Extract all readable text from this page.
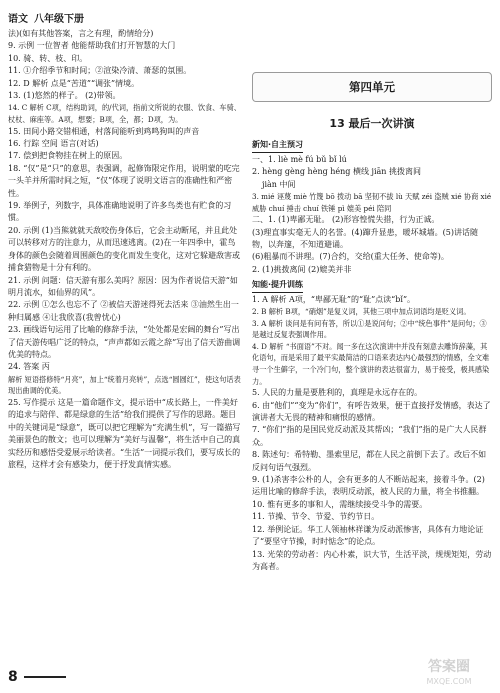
语文 八年级下册

法)(如有其他答案，言之有理，酌情给分)

9. 示例 一位智者 他能帮助我们打开智慧的大门

10. 骑、转、枝、印。

11. ①介绍季节和时间；②渲染冷清、萧瑟的氛围。

12. D 解析 点是“苦道”“调张”情境。

13. (1)悠然的样子。 (2)带领。

14. C 解析 C项，结构助词，的/代词，指前文所说的衣服、饮食、车骑、杖杖、麻座等。A项，想要；B项，全，都；D项，为。

15. 田间小路交错相通，村落间能听到鸡鸣狗叫的声音

16. 行踪 空间 语言(对话)

17. 偿到把食物挂在树上的原因。

18. “仅”是“只”的意思，表强调，起修饰限定作用，说明蒙的吃完一头羊并所需时间之短，“仅”体现了说明文语言的准确性和严密性。

19. 举例子，列数字，具体准确地说明了许多鸟类也有贮食的习惯。

20. 示例 (1)当熊就就天敌咬伤身体后，它会主动断尾，并且此处可以转移对方的注意力，从而迅速逃离。(2)在一年四季中，霍鸟身体的颜色会随着周围颜色的变化而发生变化，这对它躲避敌害或捕食猎物是十分有利的。

21. 示例 问题：信天游有那么美吗？原因：因为作者说信天游“如明月流水，如仙界的风”。

22. 示例 ①怎么也忘不了 ②被信天游迷得死去活来 ③油然生出一种归属感 ④让我欣喜(我曾忧心)

23. 画线语句运用了比喻的修辞手法，“处处都是宏阔的舞台”写出了信天游传唱广泛的特点，“声声都如云霞之辞”写出了信天游曲调优美的特点。

24. 答案 丙

解析 短语搭修特“月亮”，加上“统着月亮转”，点选“圆圆红”，使这句话表现出曲调的优美。

25. 写作提示 这是一篇命题作文，提示语中“成长路上，一件美好的追求与陪伴、都是绿意的生活”给我们提供了写作的思路。题目中的关键词是“绿意”，既可以把它理解为“充满生机”，写一篇描写美丽景色的散文；也可以理解为“美好与温馨”，将生活中自己的真实经历和感悟受爱展示给读者。“生活”一词提示我们，要写成长的旅程，这样才会有感染力，便于抒发真情实感。

第四单元
13 最后一次讲演
新知·自主预习

一、1. liè mè fú bǔ bǐ lú

2. hèng gèng hèng héng 横线 jiān 挑拨离间

jiàn 中间

3. mié 诬蔑 miè 竹篾 bō 拨动 bā 坚韧不拔 lù 天赋 zéi 盗贼 xié 协商 xié 威胁 chuí 捶击 chuí 铁锤 pì 媲美 péi 陪同

二、1. (1)卑鄙无耻。 (2)形容惶慌失措，行为正诚。

(3)理直事实毫无人的名誉。(4)蹿升显患，暖坏城墙。(5)讲话随物，以奔邃，不知道避诵。

(6)粗暴而不讲理。(7)合约，交给(重大任务、使命等)。

2. (1)挑拨离间 (2)媲美并非

知能·提升训练

1. A 解析 A项，“卑鄙无耻”的“耻”点读“bǐ”。

2. B 解析 B项，“硝烟”是复义词，其他三项中加点词语均是贬义词。

3. A 解析 谈问是有问有答，所以①是说问句；②中“统色事件”是问句；③是越过反复表强调作用。

4. D 解析 “书面语”不对。闻一多在这次演讲中并没有刻意去雕饰辞藻，其化语句，而是采用了最平实最简洁的口语来表达内心最强烈的情感，全文难寻一个生僻字，一个冷门句，整个演讲的表达很富力，易于接受，极具感染力。

5. 人民的力量是要胜利的，真理是永远存在的。

6. 由“他们”“变为“你们”，有呼告效果，便于直接抒发情感，表达了演讲者大无畏的精神和痛恨的感情。

7. “你们”指的是国民党反动派及其帮凶；“我们”指的是广大人民群众。

8. 陈述句：希特勒、墨索里尼，都在人民之前倒下去了。改后不如反问句语气强烈。

9. (1)杀害李公朴的人，会有更多的人不断站起来，接着斗争。(2)运用比喻的修辞手法，表明反动派，被人民的力量，将全书推翻。

10. 惟有更多的事和人，需继续接受斗争的需要。

11. 节操、节令、节爱、节约节日。

12. 举例论证。华工人领袖林祥谦为反动派惨害，具体有力地论证了“要坚守节操，时时惦念”的论点。

13. 光荣的劳动者：内心朴素，识大节，生活平淡，规规矩矩，劳动为高者。

8
答案圈
MXQE.COM
